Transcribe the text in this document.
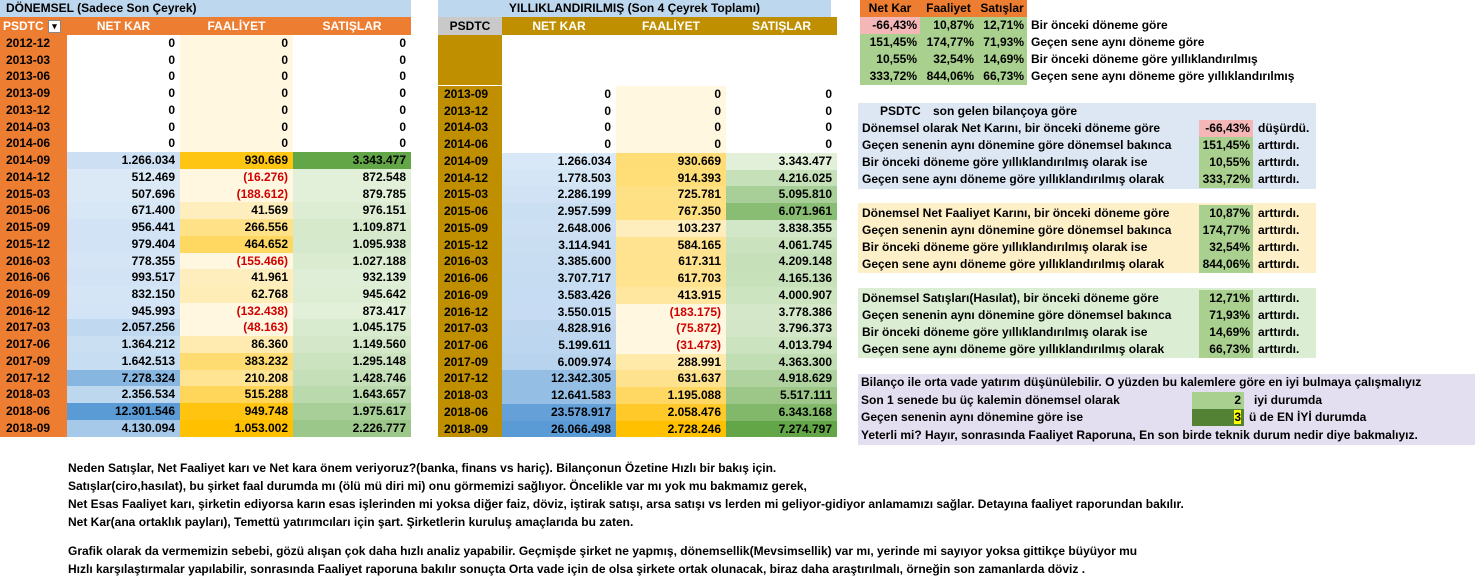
DÖNEMSEL (Sadece Son Çeyrek)
PSDTC ▾	NET KAR	FAALİYET	SATIŞLAR
2012-12	0	0	0
2013-03	0	0	0
2013-06	0	0	0
2013-09	0	0	0
2013-12	0	0	0
2014-03	0	0	0
2014-06	0	0	0
2014-09	1.266.034	930.669	3.343.477
2014-12	512.469	(16.276)	872.548
2015-03	507.696	(188.612)	879.785
2015-06	671.400	41.569	976.151
2015-09	956.441	266.556	1.109.871
2015-12	979.404	464.652	1.095.938
2016-03	778.355	(155.466)	1.027.188
2016-06	993.517	41.961	932.139
2016-09	832.150	62.768	945.642
2016-12	945.993	(132.438)	873.417
2017-03	2.057.256	(48.163)	1.045.175
2017-06	1.364.212	86.360	1.149.560
2017-09	1.642.513	383.232	1.295.148
2017-12	7.278.324	210.208	1.428.746
2018-03	2.356.534	515.288	1.643.657
2018-06	12.301.546	949.748	1.975.617
2018-09	4.130.094	1.053.002	2.226.777
YILLIKLANDIRILMIŞ (Son 4 Çeyrek Toplamı)
PSDTC	NET KAR	FAALİYET	SATIŞLAR
2013-09	0	0	0
2013-12	0	0	0
2014-03	0	0	0
2014-06	0	0	0
2014-09	1.266.034	930.669	3.343.477
2014-12	1.778.503	914.393	4.216.025
2015-03	2.286.199	725.781	5.095.810
2015-06	2.957.599	767.350	6.071.961
2015-09	2.648.006	103.237	3.838.355
2015-12	3.114.941	584.165	4.061.745
2016-03	3.385.600	617.311	4.209.148
2016-06	3.707.717	617.703	4.165.136
2016-09	3.583.426	413.915	4.000.907
2016-12	3.550.015	(183.175)	3.778.386
2017-03	4.828.916	(75.872)	3.796.373
2017-06	5.199.611	(31.473)	4.013.794
2017-09	6.009.974	288.991	4.363.300
2017-12	12.342.305	631.637	4.918.629
2018-03	12.641.583	1.195.088	5.517.111
2018-06	23.578.917	2.058.476	6.343.168
2018-09	26.066.498	2.728.246	7.274.797
Net Kar	Faaliyet Satışlar
-66,43%	10,87% 12,71% Bir önceki döneme göre
151,45% 174,77% 71,93% Geçen sene aynı döneme göre
10,55%	32,54% 14,69% Bir önceki döneme göre yıllıklandırılmış
333,72% 844,06% 66,73% Geçen sene aynı döneme göre yıllıklandırılmış
PSDTC son gelen bilançoya göre
Dönemsel olarak Net Karını, bir önceki döneme göre	-66,43% düşürdü.
Geçen senenin aynı dönemine göre dönemsel bakınca	151,45% arttırdı.
Bir önceki döneme göre yıllıklandırılmış olarak ise	10,55% arttırdı.
Geçen sene aynı döneme göre yıllıklandırılmış olarak	333,72% arttırdı.
Dönemsel Net Faaliyet Karını, bir önceki döneme göre	10,87% arttırdı.
Geçen senenin aynı dönemine göre dönemsel bakınca	174,77% arttırdı.
Bir önceki döneme göre yıllıklandırılmış olarak ise	32,54% arttırdı.
Geçen sene aynı döneme göre yıllıklandırılmış olarak	844,06% arttırdı.
Dönemsel Satışları(Hasılat), bir önceki döneme göre	12,71% arttırdı.
Geçen senenin aynı dönemine göre dönemsel bakınca	71,93% arttırdı.
Bir önceki döneme göre yıllıklandırılmış olarak ise	14,69% arttırdı.
Geçen sene aynı döneme göre yıllıklandırılmış olarak	66,73% arttırdı.
Bilanço ile orta vade yatırım düşünülebilir. O yüzden bu kalemlere göre en iyi bulmaya çalışmalıyız
Son 1 senede bu üç kalemin dönemsel olarak	2 iyi durumda
Geçen senenin aynı dönemine göre ise	3 ü de EN İYİ durumda
Yeterli mi? Hayır, sonrasında Faaliyet Raporuna, En son birde teknik durum nedir diye bakmalıyız.
Neden Satışlar, Net Faaliyet karı ve Net kara önem veriyoruz?(banka, finans vs hariç). Bilançonun Özetine Hızlı bir bakış için.
Satışlar(ciro,hasılat), bu şirket faal durumda mı (ölü mü diri mi) onu görmemizi sağlıyor. Öncelikle var mı yok mu bakmamız gerek,
Net Esas Faaliyet karı, şirketin ediyorsa karın esas işlerinden mi yoksa diğer faiz, döviz, iştirak satışı, arsa satışı vs lerden mi geliyor-gidiyor anlamamızı sağlar. Detayına faaliyet raporundan bakılır.
Net Kar(ana ortaklık payları), Temettü yatırımcıları için şart. Şirketlerin kuruluş amaçlarıda bu zaten.
Grafik olarak da vermemizin sebebi, gözü alışan çok daha hızlı analiz yapabilir. Geçmişde şirket ne yapmış, dönemsellik(Mevsimsellik) var mı, yerinde mi sayıyor yoksa gittikçe büyüyor mu
Hızlı karşılaştırmalar yapılabilir, sonrasında Faaliyet raporuna bakılır sonuçta Orta vade için de olsa şirkete ortak olunacak, biraz daha araştırılmalı, örneğin son zamanlarda döviz .
